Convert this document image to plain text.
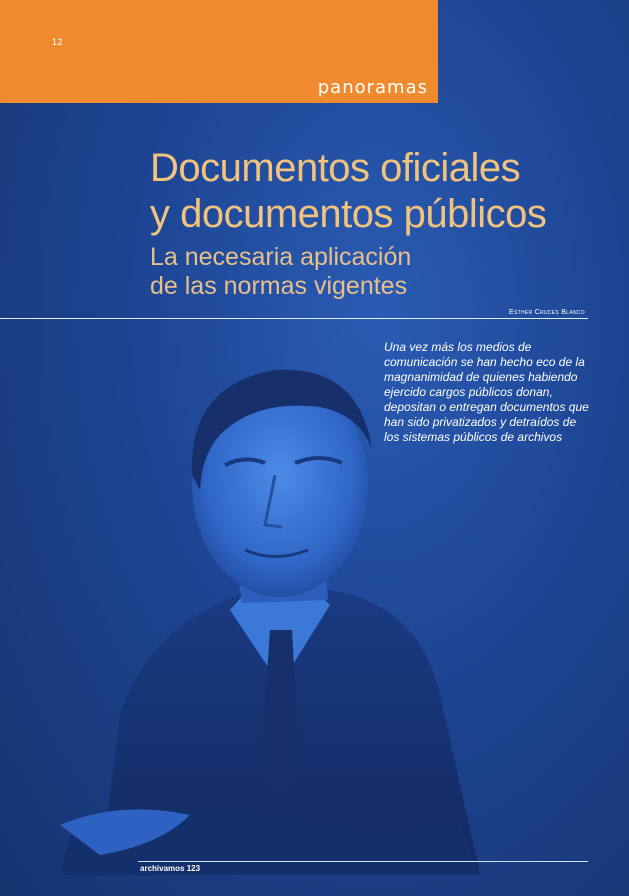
12
panoramas
Documentos oficiales
y documentos públicos
La necesaria aplicación
de las normas vigentes
Esther Cruces Blanco

Una vez más los medios de comunicación se han hecho eco de la magnanimidad de quienes habiendo ejercido cargos públicos donan, depositan o entregan documentos que han sido privatizados y detraídos de los sistemas públicos de archivos

archivamos 123
